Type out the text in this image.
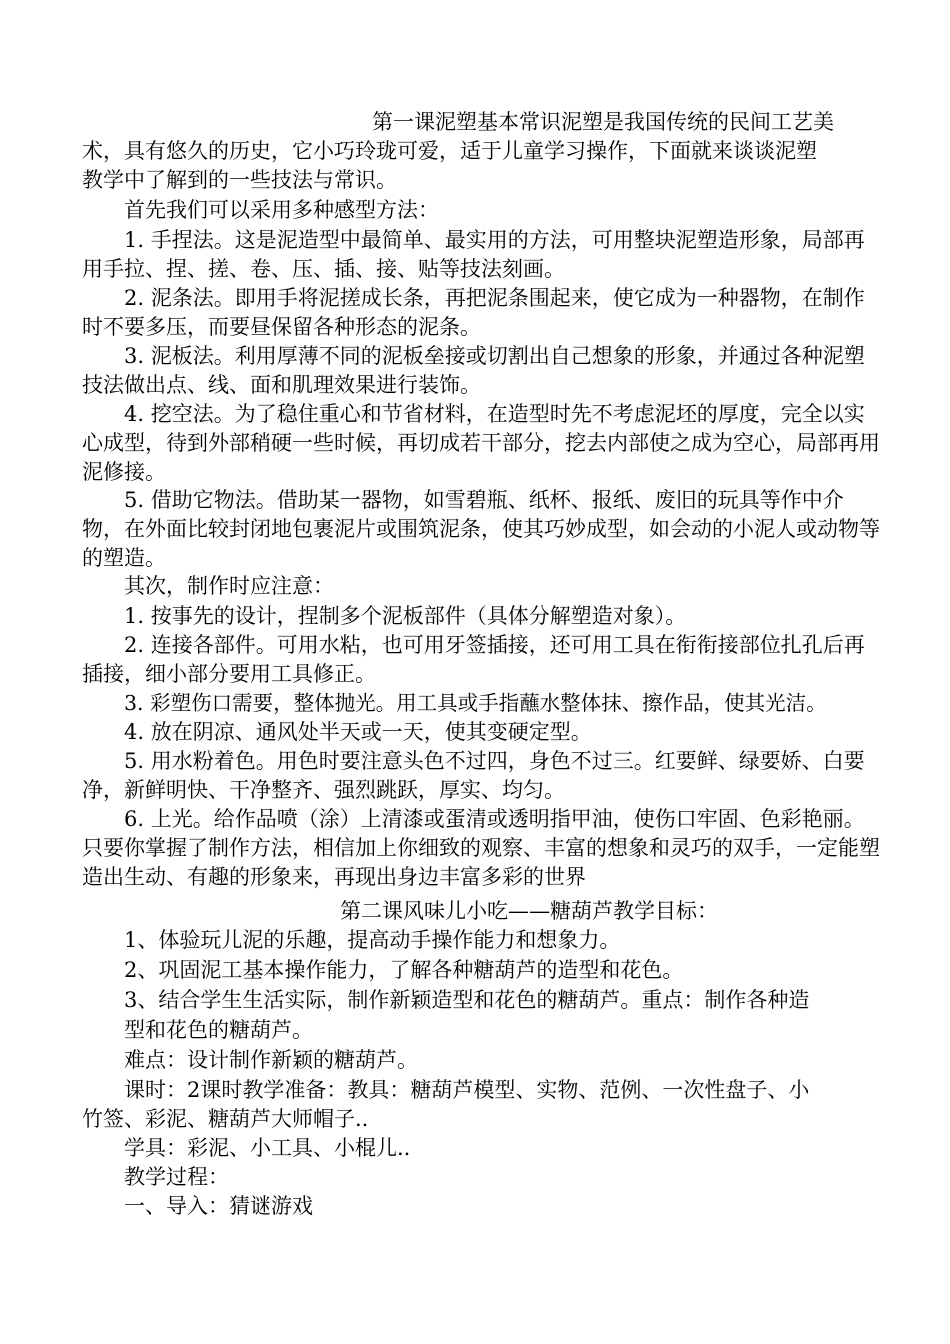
第一课泥塑基本常识泥塑是我国传统的民间工艺美

术，具有悠久的历史，它小巧玲珑可爱，适于儿童学习操作，下面就来谈谈泥塑

教学中了解到的一些技法与常识。

首先我们可以采用多种感型方法：

1. 手捏法。这是泥造型中最简单、最实用的方法，可用整块泥塑造形象，局部再用手拉、捏、搓、卷、压、插、接、贴等技法刻画。

2. 泥条法。即用手将泥搓成长条，再把泥条围起来，使它成为一种器物，在制作时不要多压，而要昼保留各种形态的泥条。

3. 泥板法。利用厚薄不同的泥板垒接或切割出自己想象的形象，并通过各种泥塑技法做出点、线、面和肌理效果进行装饰。

4. 挖空法。为了稳住重心和节省材料，在造型时先不考虑泥坯的厚度，完全以实心成型，待到外部稍硬一些时候，再切成若干部分，挖去内部使之成为空心，局部再用泥修接。

5. 借助它物法。借助某一器物，如雪碧瓶、纸杯、报纸、废旧的玩具等作中介物，在外面比较封闭地包裹泥片或围筑泥条，使其巧妙成型，如会动的小泥人或动物等的塑造。

其次，制作时应注意：

1. 按事先的设计，捏制多个泥板部件（具体分解塑造对象）。

2. 连接各部件。可用水粘，也可用牙签插接，还可用工具在衔衔接部位扎孔后再插接，细小部分要用工具修正。

3. 彩塑伤口需要，整体抛光。用工具或手指蘸水整体抹、擦作品，使其光洁。

4. 放在阴凉、通风处半天或一天，使其变硬定型。

5. 用水粉着色。用色时要注意头色不过四，身色不过三。红要鲜、绿要娇、白要净，新鲜明快、干净整齐、强烈跳跃，厚实、均匀。

6. 上光。给作品喷（涂）上清漆或蛋清或透明指甲油，使伤口牢固、色彩艳丽。只要你掌握了制作方法，相信加上你细致的观察、丰富的想象和灵巧的双手，一定能塑造出生动、有趣的形象来，再现出身边丰富多彩的世界

第二课风味儿小吃——糖葫芦教学目标：

1、体验玩儿泥的乐趣，提高动手操作能力和想象力。

2、巩固泥工基本操作能力，了解各种糖葫芦的造型和花色。

3、结合学生生活实际，制作新颖造型和花色的糖葫芦。重点：制作各种造

型和花色的糖葫芦。

难点：设计制作新颖的糖葫芦。

课时：2课时教学准备：教具：糖葫芦模型、实物、范例、一次性盘子、小

竹签、彩泥、糖葫芦大师帽子..

学具：彩泥、小工具、小棍儿..

教学过程：

一、导入：猜谜游戏
